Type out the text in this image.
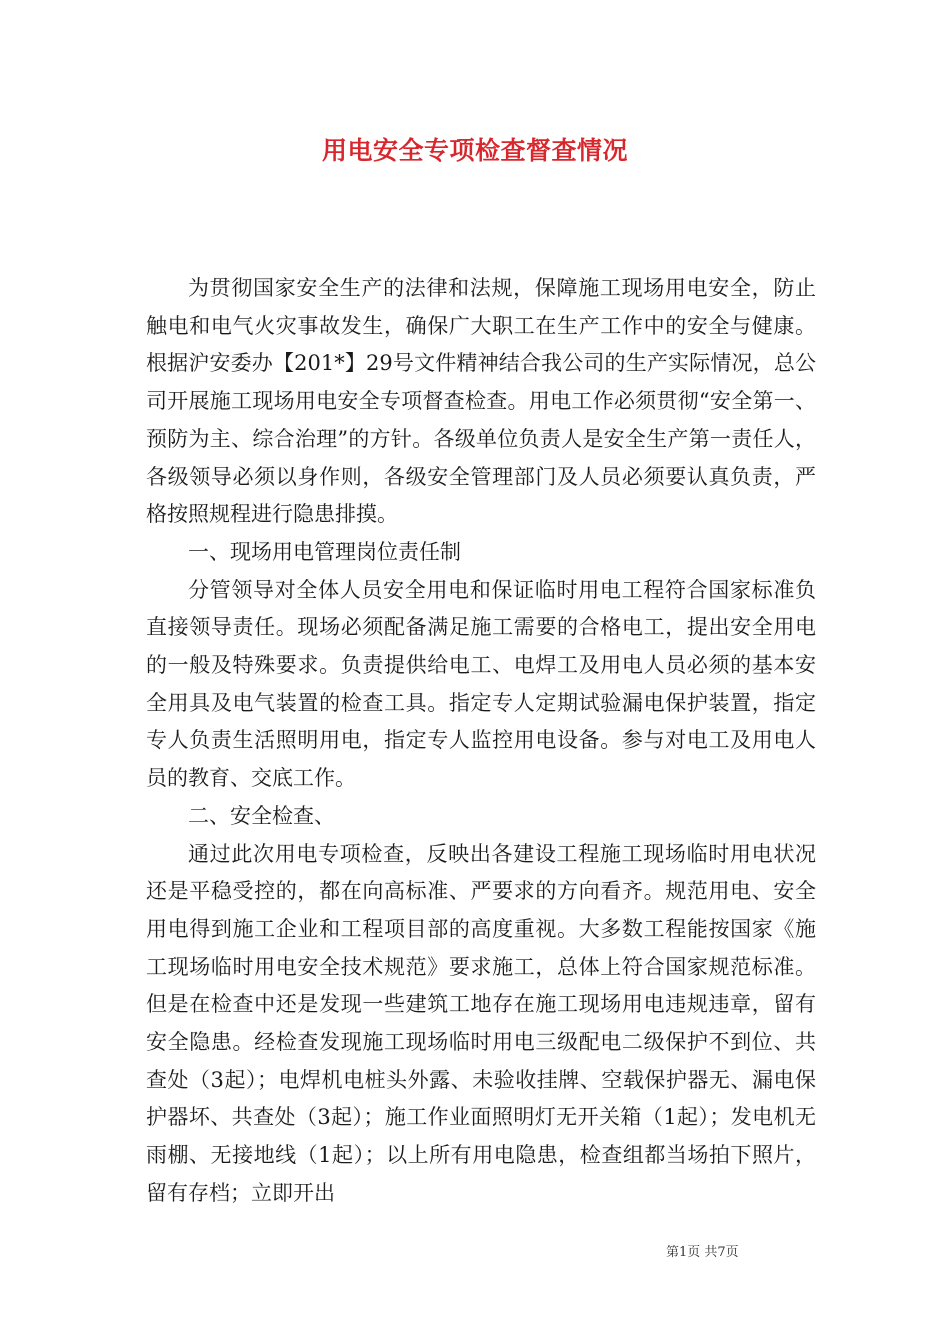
用电安全专项检查督查情况

为贯彻国家安全生产的法律和法规，保障施工现场用电安全，防止触电和电气火灾事故发生，确保广大职工在生产工作中的安全与健康。根据沪安委办【201*】29号文件精神结合我公司的生产实际情况，总公司开展施工现场用电安全专项督查检查。用电工作必须贯彻“安全第一、预防为主、综合治理”的方针。各级单位负责人是安全生产第一责任人，各级领导必须以身作则，各级安全管理部门及人员必须要认真负责，严格按照规程进行隐患排摸。

一、现场用电管理岗位责任制

分管领导对全体人员安全用电和保证临时用电工程符合国家标准负直接领导责任。现场必须配备满足施工需要的合格电工，提出安全用电的一般及特殊要求。负责提供给电工、电焊工及用电人员必须的基本安全用具及电气装置的检查工具。指定专人定期试验漏电保护装置，指定专人负责生活照明用电，指定专人监控用电设备。参与对电工及用电人员的教育、交底工作。

二、安全检查、

通过此次用电专项检查，反映出各建设工程施工现场临时用电状况还是平稳受控的，都在向高标准、严要求的方向看齐。规范用电、安全用电得到施工企业和工程项目部的高度重视。大多数工程能按国家《施工现场临时用电安全技术规范》要求施工，总体上符合国家规范标准。但是在检查中还是发现一些建筑工地存在施工现场用电违规违章，留有安全隐患。经检查发现施工现场临时用电三级配电二级保护不到位、共查处（3起）；电焊机电桩头外露、未验收挂牌、空载保护器无、漏电保护器坏、共查处（3起）；施工作业面照明灯无开关箱（1起）；发电机无雨棚、无接地线（1起）；以上所有用电隐患，检查组都当场拍下照片，留有存档；立即开出

第1页 共7页
